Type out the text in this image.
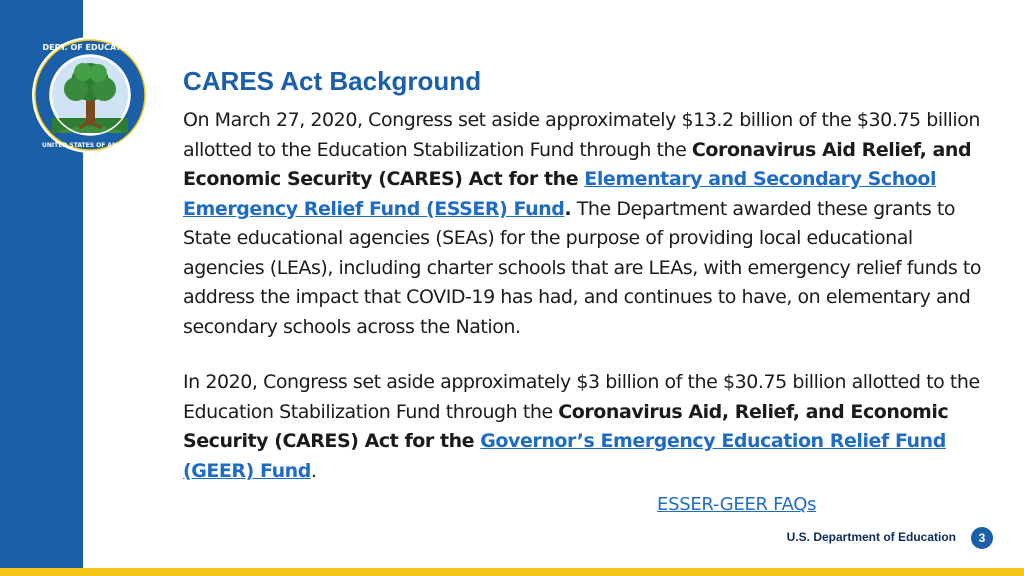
DEPT. OF EDUCATION
UNITED STATES OF AMERICA
CARES Act Background

On March 27, 2020, Congress set aside approximately $13.2 billion of the $30.75 billion allotted to the Education Stabilization Fund through the Coronavirus Aid Relief, and Economic Security (CARES) Act for the Elementary and Secondary School Emergency Relief Fund (ESSER) Fund. The Department awarded these grants to State educational agencies (SEAs) for the purpose of providing local educational agencies (LEAs), including charter schools that are LEAs, with emergency relief funds to address the impact that COVID-19 has had, and continues to have, on elementary and secondary schools across the Nation.

In 2020, Congress set aside approximately $3 billion of the $30.75 billion allotted to the Education Stabilization Fund through the Coronavirus Aid, Relief, and Economic Security (CARES) Act for the Governor’s Emergency Education Relief Fund (GEER) Fund.

ESSER-GEER FAQs
U.S. Department of Education	3
